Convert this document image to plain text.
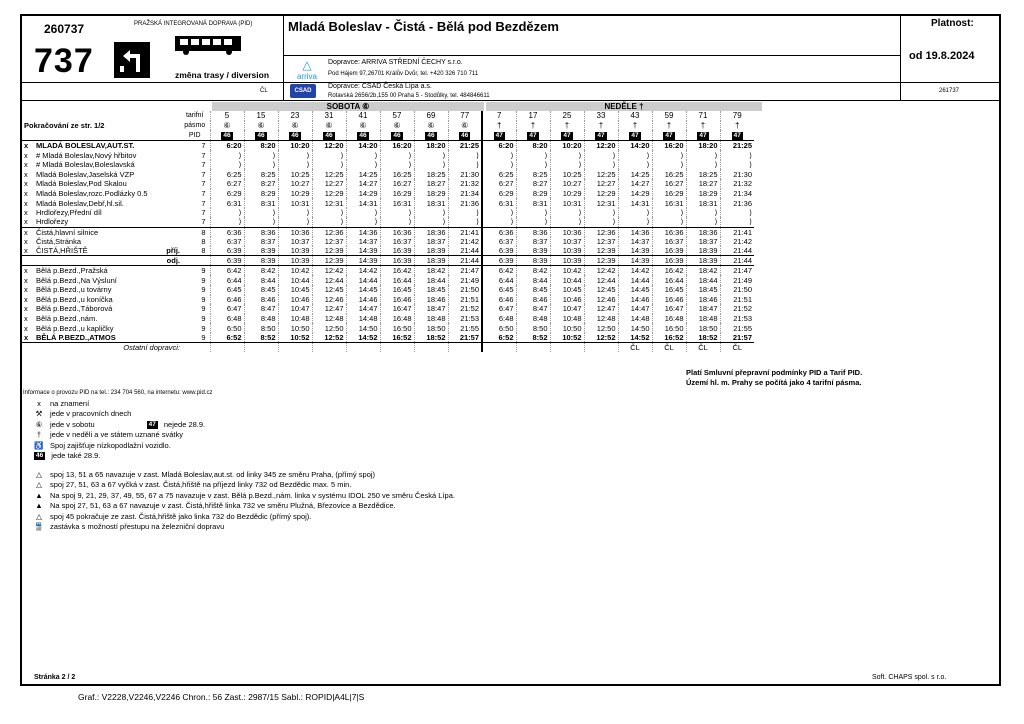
260737
737
PRAŽSKÁ INTEGROVANÁ DOPRAVA (PID)
změna trasy / diversion
Mladá Boleslav - Čistá - Bělá pod Bezdězem	Platnost:
od 19.8.2024
△
arriva
Dopravce: ARRIVA STŘEDNÍ ČECHY s.r.o.
Pod Hájem 97,26701 Králův Dvůr, tel. +420 326 710 711
ČL	CSAD
Dopravce: CSAD Česká Lípa a.s.
Rotavská 2656/2b,155 00 Praha 5 - Stodůlky, tel. 484846611
261737
SOBOTA ⑥	NEDĚLE †
	tarifní	5	15	23	31	41	57	69	77	7	17	25	33	43	59	71	79
Pokračování ze str. 1/2	pásmo	⑥	⑥	⑥	⑥	⑥	⑥	⑥	⑥	†	†	†	†	†	†	†	†
	PID	46	46	46	46	46	46	46	46	47	47	47	47	47	47	47	47
x MLADÁ BOLESLAV,AUT.ST.	7	6:20	8:20	10:20	12:20	14:20	16:20	18:20	21:25	6:20	8:20	10:20	12:20	14:20	16:20	18:20	21:25
x # Mladá Boleslav,Nový hřbitov	7	⟩	⟩	⟩	⟩	⟩	⟩	⟩	⟩	⟩	⟩	⟩	⟩	⟩	⟩	⟩	⟩
x # Mladá Boleslav,Boleslavská	7	⟩	⟩	⟩	⟩	⟩	⟩	⟩	⟩	⟩	⟩	⟩	⟩	⟩	⟩	⟩	⟩
x Mladá Boleslav,Jaselská VZP	7	6:25	8:25	10:25	12:25	14:25	16:25	18:25	21:30	6:25	8:25	10:25	12:25	14:25	16:25	18:25	21:30
x Mladá Boleslav,Pod Skalou	7	6:27	8:27	10:27	12:27	14:27	16:27	18:27	21:32	6:27	8:27	10:27	12:27	14:27	16:27	18:27	21:32
x Mladá Boleslav,rozc.Podlázky 0.5	7	6:29	8:29	10:29	12:29	14:29	16:29	18:29	21:34	6:29	8:29	10:29	12:29	14:29	16:29	18:29	21:34
x Mladá Boleslav,Debř,hl.sil.	7	6:31	8:31	10:31	12:31	14:31	16:31	18:31	21:36	6:31	8:31	10:31	12:31	14:31	16:31	18:31	21:36
x Hrdlořezy,Přední díl	7	⟩	⟩	⟩	⟩	⟩	⟩	⟩	⟩	⟩	⟩	⟩	⟩	⟩	⟩	⟩	⟩
x Hrdlořezy	7	⟩	⟩	⟩	⟩	⟩	⟩	⟩	⟩	⟩	⟩	⟩	⟩	⟩	⟩	⟩	⟩
x Čistá,hlavní silnice	8	6:36	8:36	10:36	12:36	14:36	16:36	18:36	21:41	6:36	8:36	10:36	12:36	14:36	16:36	18:36	21:41
x Čistá,Stránka	8	6:37	8:37	10:37	12:37	14:37	16:37	18:37	21:42	6:37	8:37	10:37	12:37	14:37	16:37	18:37	21:42
x ČISTÁ,HŘIŠTĚ příj.	8	6:39	8:39	10:39	12:39	14:39	16:39	18:39	21:44	6:39	8:39	10:39	12:39	14:39	16:39	18:39	21:44

odj.		6:39	8:39	10:39	12:39	14:39	16:39	18:39	21:44	6:39	8:39	10:39	12:39	14:39	16:39	18:39	21:44
x Bělá p.Bezd.,Pražská	9	6:42	8:42	10:42	12:42	14:42	16:42	18:42	21:47	6:42	8:42	10:42	12:42	14:42	16:42	18:42	21:47
x Bělá p.Bezd.,Na Výsluní	9	6:44	8:44	10:44	12:44	14:44	16:44	18:44	21:49	6:44	8:44	10:44	12:44	14:44	16:44	18:44	21:49
x Bělá p.Bezd.,u továrny	9	6:45	8:45	10:45	12:45	14:45	16:45	18:45	21:50	6:45	8:45	10:45	12:45	14:45	16:45	18:45	21:50
x Bělá p.Bezd.,u koníčka	9	6:46	8:46	10:46	12:46	14:46	16:46	18:46	21:51	6:46	8:46	10:46	12:46	14:46	16:46	18:46	21:51
x Bělá p.Bezd.,Táborová	9	6:47	8:47	10:47	12:47	14:47	16:47	18:47	21:52	6:47	8:47	10:47	12:47	14:47	16:47	18:47	21:52
x Bělá p.Bezd.,nám.	9	6:48	8:48	10:48	12:48	14:48	16:48	18:48	21:53	6:48	8:48	10:48	12:48	14:48	16:48	18:48	21:53
x Bělá p.Bezd.,u kapličky	9	6:50	8:50	10:50	12:50	14:50	16:50	18:50	21:55	6:50	8:50	10:50	12:50	14:50	16:50	18:50	21:55
x BĚLÁ P.BEZD.,ATMOS	9	6:52	8:52	10:52	12:52	14:52	16:52	18:52	21:57	6:52	8:52	10:52	12:52	14:52	16:52	18:52	21:57
Ostatní dopravci:														ČL	ČL	ČL	ČL
Informace o provozu PID na tel.: 234 704 560, na internetu: www.pid.cz
x	na znamení
⚒ jede v pracovních dnech
⑥ jede v sobotu	47 nejede 28.9.
†	jede v neděli a ve státem uznané svátky
♿ Spoj zajišťuje nízkopodlažní vozidlo.
46 jede také 28.9.
△ spoj 13, 51 a 65 navazuje v zast. Mladá Boleslav,aut.st. od linky 345 ze směru Praha, (přímý spoj)
△ spoj 27, 51, 63 a 67 vyčká v zast. Čistá,hřiště na příjezd linky 732 od Bezdědic max. 5 min.
▲ Na spoj 9, 21, 29, 37, 49, 55, 67 a 75 navazuje v zast. Bělá p.Bezd.,nám. linka v systému IDOL 250 ve směru Česká Lípa.
▲ Na spoj 27, 51, 63 a 67 navazuje v zast. Čistá,hřiště linka 732 ve směru Plužná, Březovice a Bezdědice.
△ spoj 45 pokračuje ze zast. Čistá,hřiště jako linka 732 do Bezdědic (přímý spoj).
🚆 zastávka s možností přestupu na železniční dopravu
Platí Smluvní přepravní podmínky PID a Tarif PID.
Území hl. m. Prahy se počítá jako 4 tarifní pásma.
Stránka 2 / 2	Soft. CHAPS spol. s r.o.
Graf.: V2228,V2246,V2246 Chron.: 56 Zast.: 2987/15 Sabl.: ROPID|A4L|7|S
